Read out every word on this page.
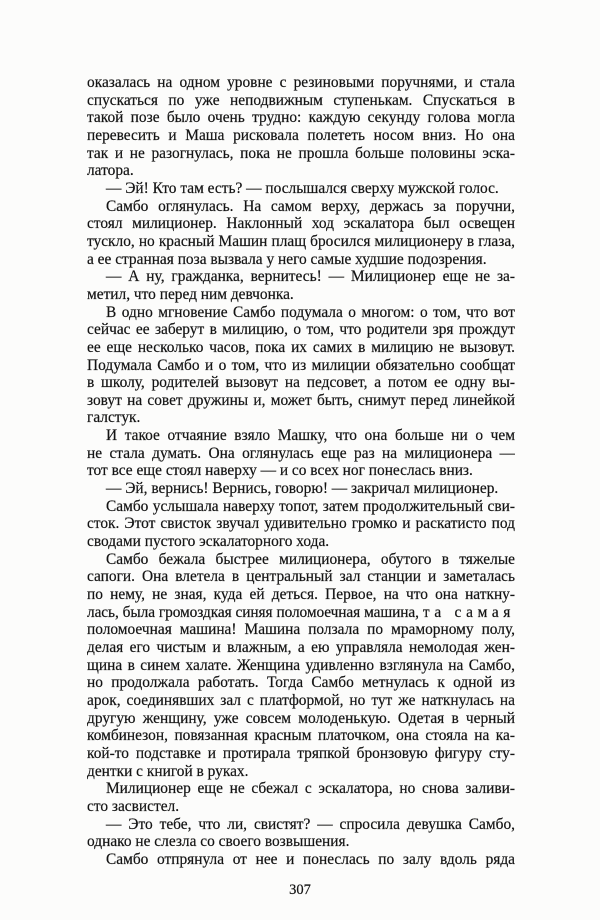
оказалась на одном уровне с резиновыми поручнями, и стала
спускаться по уже неподвижным ступенькам. Спускаться в
такой позе было очень трудно: каждую секунду голова могла
перевесить и Маша рисковала полететь носом вниз. Но она
так и не разогнулась, пока не прошла больше половины эска-
латора.
— Эй! Кто там есть? — послышался сверху мужской голос.
Самбо оглянулась. На самом верху, держась за поручни,
стоял милиционер. Наклонный ход эскалатора был освещен
тускло, но красный Машин плащ бросился милиционеру в глаза,
а ее странная поза вызвала у него самые худшие подозрения.
— А ну, гражданка, вернитесь! — Милиционер еще не за-
метил, что перед ним девчонка.
В одно мгновение Самбо подумала о многом: о том, что вот
сейчас ее заберут в милицию, о том, что родители зря прождут
ее еще несколько часов, пока их самих в милицию не вызовут.
Подумала Самбо и о том, что из милиции обязательно сообщат
в школу, родителей вызовут на педсовет, а потом ее одну вы-
зовут на совет дружины и, может быть, снимут перед линейкой
галстук.
И такое отчаяние взяло Машку, что она больше ни о чем
не стала думать. Она оглянулась еще раз на милиционера —
тот все еще стоял наверху — и со всех ног понеслась вниз.
— Эй, вернись! Вернись, говорю! — закричал милиционер.
Самбо услышала наверху топот, затем продолжительный сви-
сток. Этот свисток звучал удивительно громко и раскатисто под
сводами пустого эскалаторного хода.
Самбо бежала быстрее милиционера, обутого в тяжелые
сапоги. Она влетела в центральный зал станции и заметалась
по нему, не зная, куда ей деться. Первое, на что она наткну-
лась, была громоздкая синяя поломоечная машина, та самая
поломоечная машина! Машина ползала по мраморному полу,
делая его чистым и влажным, а ею управляла немолодая жен-
щина в синем халате. Женщина удивленно взглянула на Самбо,
но продолжала работать. Тогда Самбо метнулась к одной из
арок, соединявших зал с платформой, но тут же наткнулась на
другую женщину, уже совсем молоденькую. Одетая в черный
комбинезон, повязанная красным платочком, она стояла на ка-
кой-то подставке и протирала тряпкой бронзовую фигуру сту-
дентки с книгой в руках.
Милиционер еще не сбежал с эскалатора, но снова заливи-
сто засвистел.
— Это тебе, что ли, свистят? — спросила девушка Самбо,
однако не слезла со своего возвышения.
Самбо отпрянула от нее и понеслась по залу вдоль ряда
307
